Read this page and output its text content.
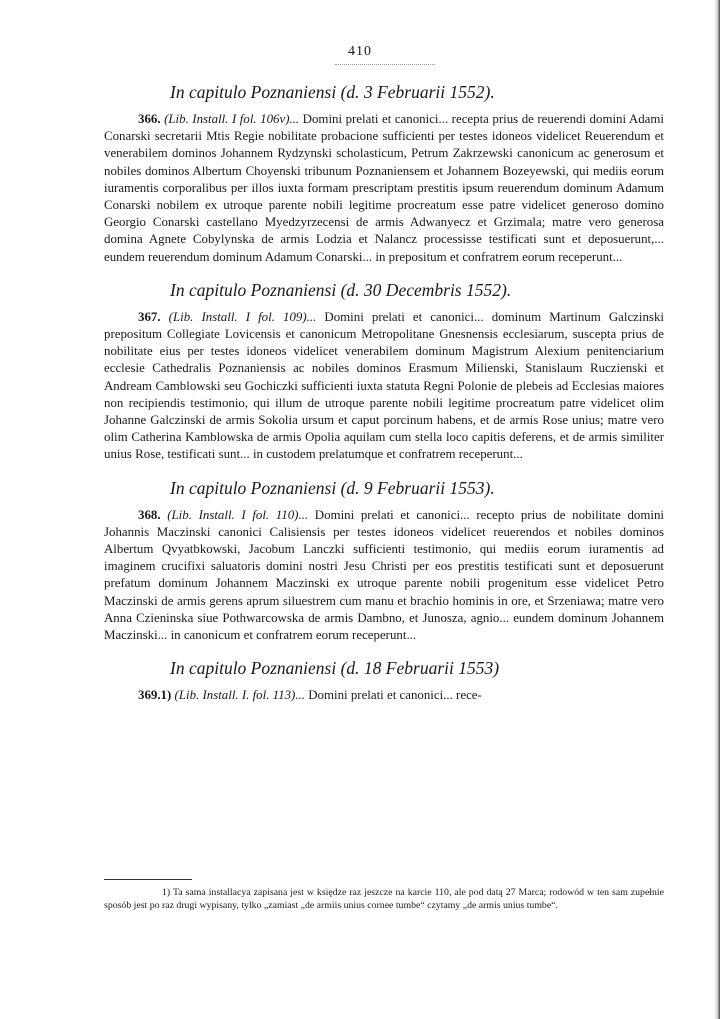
410
In capitulo Poznaniensi (d. 3 Februarii 1552).

366. (Lib. Install. I fol. 106v)... Domini prelati et canonici... recepta prius de reuerendi domini Adami Conarski secretarii Mtis Regie nobilitate probacione sufficienti per testes idoneos videlicet Reuerendum et venerabilem dominos Johannem Rydzynski scholasticum, Petrum Zakrzewski canonicum ac generosum et nobiles dominos Albertum Choyenski tribunum Poznaniensem et Johannem Bozeyewski, qui mediis eorum iuramentis corporalibus per illos iuxta formam prescriptam prestitis ipsum reuerendum dominum Adamum Conarski nobilem ex utroque parente nobili legitime procreatum esse patre videlicet generoso domino Georgio Conarski castellano Myedzyrzecensi de armis Adwanyecz et Grzimala; matre vero generosa domina Agnete Cobylynska de armis Lodzia et Nalancz processisse testificati sunt et deposuerunt,... eundem reuerendum dominum Adamum Conarski... in prepositum et confratrem eorum receperunt...

In capitulo Poznaniensi (d. 30 Decembris 1552).

367. (Lib. Install. I fol. 109)... Domini prelati et canonici... dominum Martinum Galczinski prepositum Collegiate Lovicensis et canonicum Metropolitane Gnesnensis ecclesiarum, suscepta prius de nobilitate eius per testes idoneos videlicet venerabilem dominum Magistrum Alexium penitenciarium ecclesie Cathedralis Poznaniensis ac nobiles dominos Erasmum Milienski, Stanislaum Ruczienski et Andream Camblowski seu Gochiczki sufficienti iuxta statuta Regni Polonie de plebeis ad Ecclesias maiores non recipiendis testimonio, qui illum de utroque parente nobili legitime procreatum patre videlicet olim Johanne Galczinski de armis Sokolia ursum et caput porcinum habens, et de armis Rose unius; matre vero olim Catherina Kamblowska de armis Opolia aquilam cum stella loco capitis deferens, et de armis similiter unius Rose, testificati sunt... in custodem prelatumque et confratrem receperunt...

In capitulo Poznaniensi (d. 9 Februarii 1553).

368. (Lib. Install. I fol. 110)... Domini prelati et canonici... recepto prius de nobilitate domini Johannis Maczinski canonici Calisiensis per testes idoneos videlicet reuerendos et nobiles dominos Albertum Qvyatbkowski, Jacobum Lanczki sufficienti testimonio, qui mediis eorum iuramentis ad imaginem crucifixi saluatoris domini nostri Jesu Christi per eos prestitis testificati sunt et deposuerunt prefatum dominum Johannem Maczinski ex utroque parente nobili progenitum esse videlicet Petro Maczinski de armis gerens aprum siluestrem cum manu et brachio hominis in ore, et Srzeniawa; matre vero Anna Czieninska siue Pothwarcowska de armis Dambno, et Junosza, agnio... eundem dominum Johannem Maczinski... in canonicum et confratrem eorum receperunt...

In capitulo Poznaniensi (d. 18 Februarii 1553)

369.1) (Lib. Install. I. fol. 113)... Domini prelati et canonici... rece-

1) Ta sama installacya zapisana jest w księdze raz jeszcze na karcie 110, ale pod datą 27 Marca; rodowód w ten sam zupełnie sposób jest po raz drugi wypisany, tylko „zamiast „de armiis unius cornee tumbe“ czytamy „de armis unius tumbe“.
